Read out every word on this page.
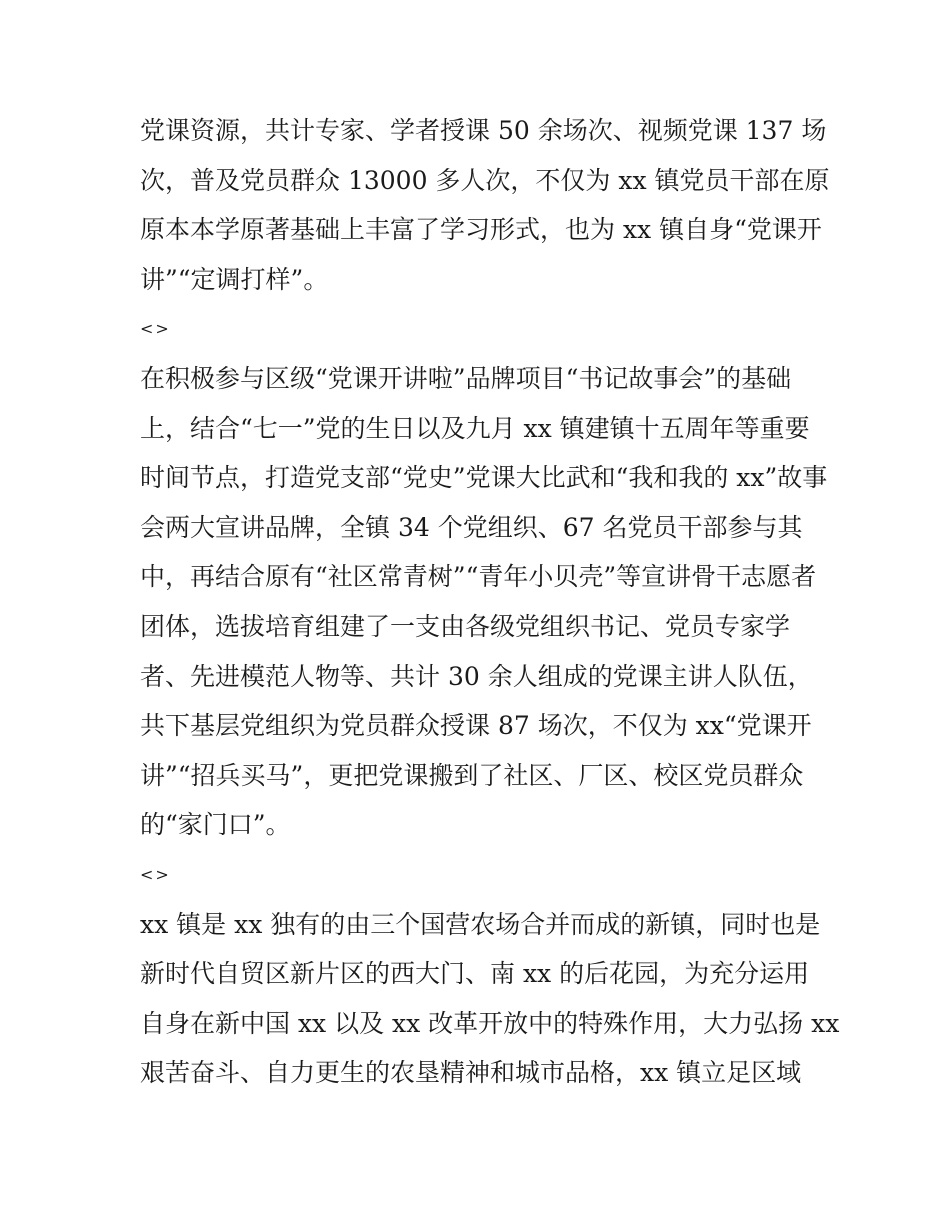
党课资源，共计专家、学者授课 50 余场次、视频党课 137 场
次，普及党员群众 13000 多人次，不仅为 xx 镇党员干部在原
原本本学原著基础上丰富了学习形式，也为 xx 镇自身“党课开
讲”“定调打样”。
<>
在积极参与区级“党课开讲啦”品牌项目“书记故事会”的基础
上，结合“七一”党的生日以及九月 xx 镇建镇十五周年等重要
时间节点，打造党支部“党史”党课大比武和“我和我的 xx”故事
会两大宣讲品牌，全镇 34 个党组织、67 名党员干部参与其
中，再结合原有“社区常青树”“青年小贝壳”等宣讲骨干志愿者
团体，选拔培育组建了一支由各级党组织书记、党员专家学
者、先进模范人物等、共计 30 余人组成的党课主讲人队伍，
共下基层党组织为党员群众授课 87 场次，不仅为 xx“党课开
讲”“招兵买马”，更把党课搬到了社区、厂区、校区党员群众
的“家门口”。
<>
xx 镇是 xx 独有的由三个国营农场合并而成的新镇，同时也是
新时代自贸区新片区的西大门、南 xx 的后花园，为充分运用
自身在新中国 xx 以及 xx 改革开放中的特殊作用，大力弘扬 xx
艰苦奋斗、自力更生的农垦精神和城市品格，xx 镇立足区域
